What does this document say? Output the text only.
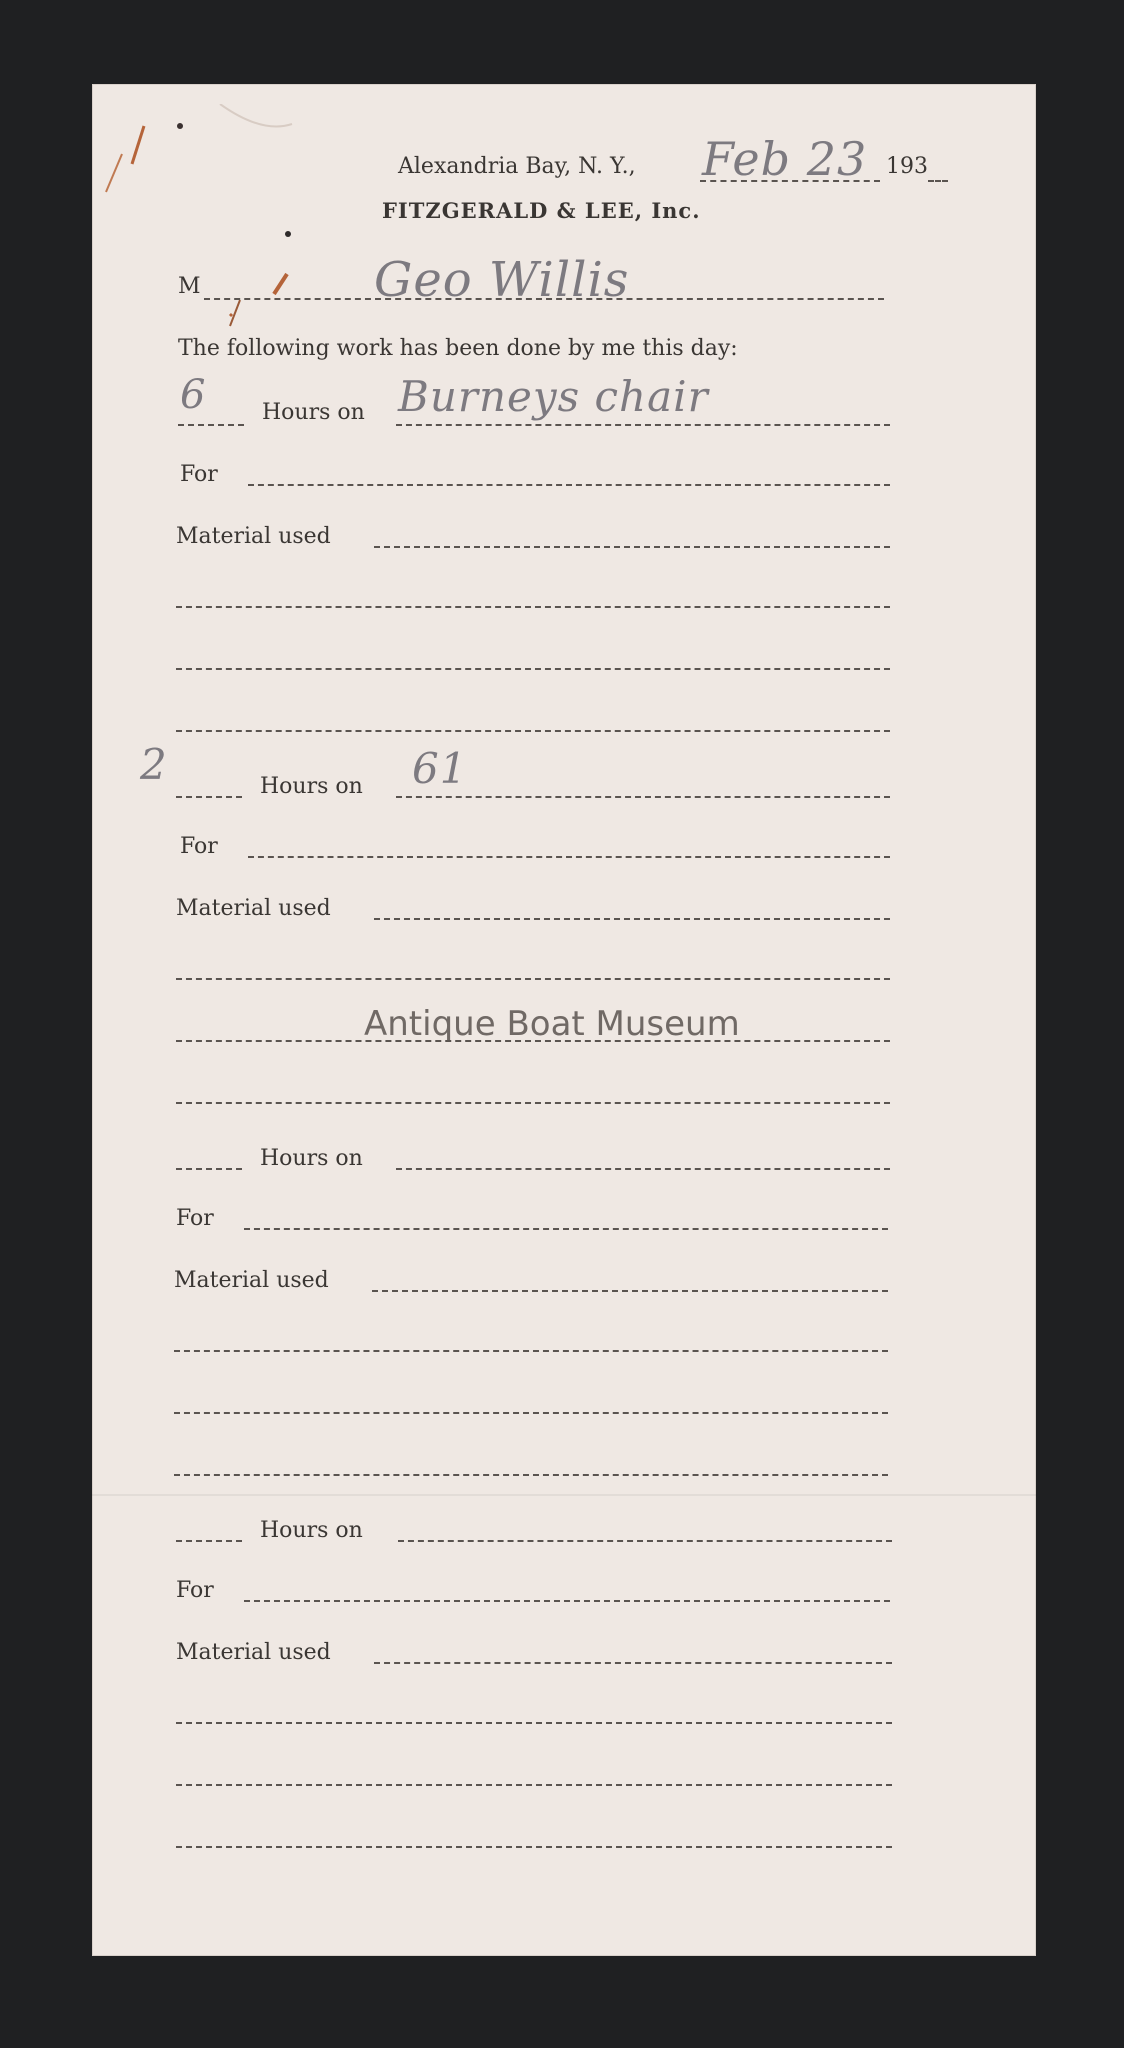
Alexandria Bay, N. Y., Feb 23 193
FITZGERALD & LEE, Inc.
M	Geo Willis
The following work has been done by me this day:
6	Hours on Burneys chair
For
Material used
2	Hours on 61
For
Material used
Antique Boat Museum
Hours on
For
Material used
Hours on
For
Material used
